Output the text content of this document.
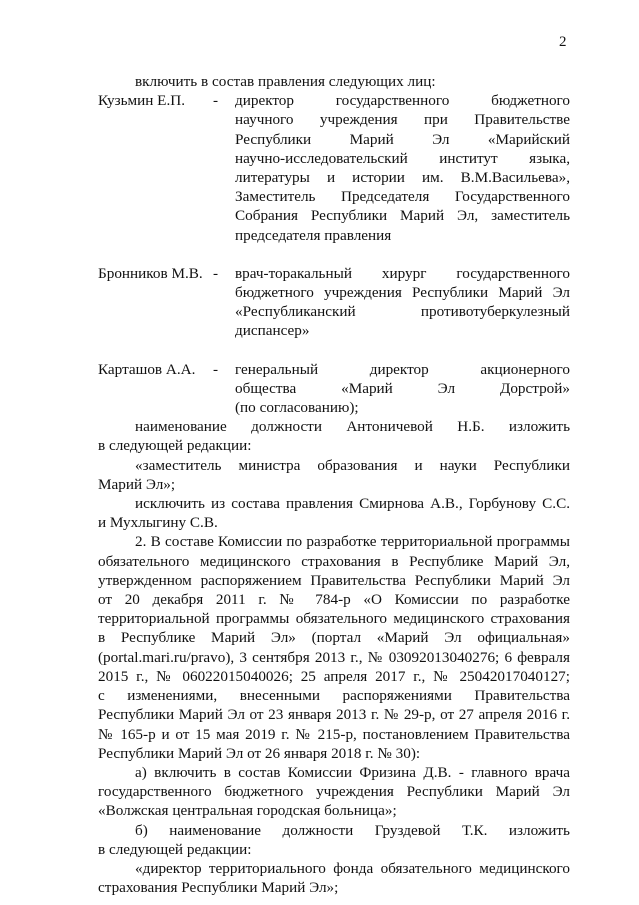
2
включить в состав правления следующих лиц:
Кузьмин Е.П.	-	директор государственного бюджетного
научного учреждения при Правительстве
Республики Марий Эл «Марийский
научно-исследовательский институт языка,
литературы и истории им. В.М.Васильева»,
Заместитель Председателя Государственного
Собрания Республики Марий Эл, заместитель
председателя правления
Бронников М.В. -	врач-торакальный хирург государственного
бюджетного учреждения Республики Марий Эл
«Республиканский противотуберкулезный
диспансер»
Карташов А.А.	-	генеральный директор акционерного
общества «Марий Эл Дорстрой»
(по согласованию);
наименование должности Антоничевой Н.Б. изложить
в следующей редакции:
«заместитель министра образования и науки Республики
Марий Эл»;
исключить из состава правления Смирнова А.В., Горбунову С.С.
и Мухлыгину С.В.
2. В составе Комиссии по разработке территориальной программы
обязательного медицинского страхования в Республике Марий Эл,
утвержденном распоряжением Правительства Республики Марий Эл
от 20 декабря 2011 г. № 784-р «О Комиссии по разработке
территориальной программы обязательного медицинского страхования
в Республике Марий Эл» (портал «Марий Эл официальная»
(portal.mari.ru/pravo), 3 сентября 2013 г., № 03092013040276; 6 февраля
2015 г., № 06022015040026; 25 апреля 2017 г., № 25042017040127;
с изменениями, внесенными распоряжениями Правительства
Республики Марий Эл от 23 января 2013 г. № 29-р, от 27 апреля 2016 г.
№ 165-р и от 15 мая 2019 г. № 215-р, постановлением Правительства
Республики Марий Эл от 26 января 2018 г. № 30):
а) включить в состав Комиссии Фризина Д.В. - главного врача
государственного бюджетного учреждения Республики Марий Эл
«Волжская центральная городская больница»;
б) наименование должности Груздевой Т.К. изложить
в следующей редакции:
«директор территориального фонда обязательного медицинского
страхования Республики Марий Эл»;
